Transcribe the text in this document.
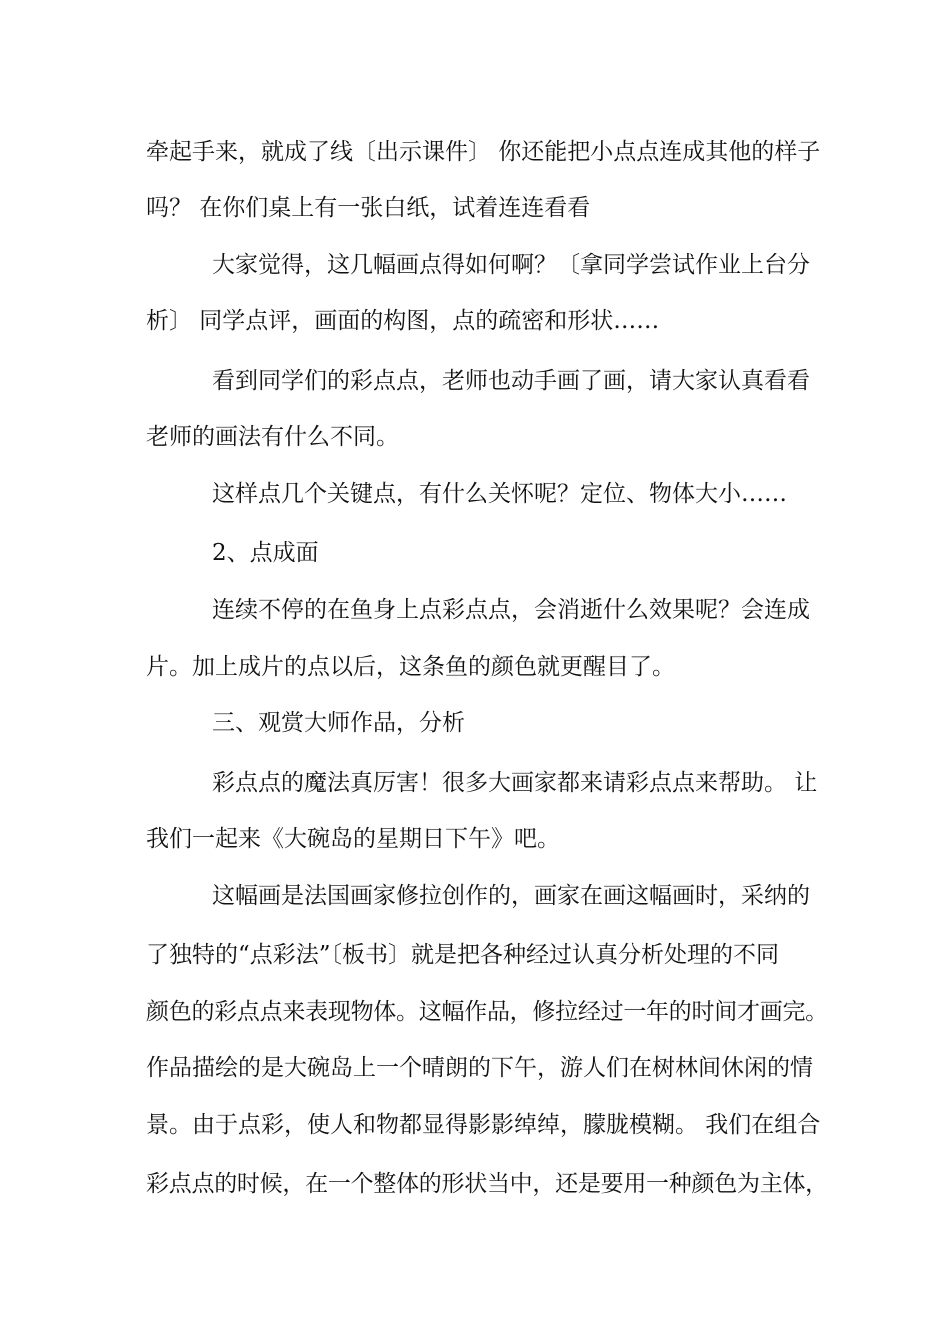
牵起手来，就成了线〔出示课件〕 你还能把小点点连成其他的样子
吗？ 在你们桌上有一张白纸，试着连连看看
大家觉得，这几幅画点得如何啊？〔拿同学尝试作业上台分
析〕 同学点评，画面的构图，点的疏密和形状……
看到同学们的彩点点，老师也动手画了画，请大家认真看看
老师的画法有什么不同。
这样点几个关键点，有什么关怀呢？定位、物体大小……
2、点成面
连续不停的在鱼身上点彩点点，会消逝什么效果呢？会连成
片。加上成片的点以后，这条鱼的颜色就更醒目了。
三、观赏大师作品，分析
彩点点的魔法真厉害！很多大画家都来请彩点点来帮助。 让
我们一起来《大碗岛的星期日下午》吧。
这幅画是法国画家修拉创作的，画家在画这幅画时，采纳的
了独特的“点彩法”〔板书〕就是把各种经过认真分析处理的不同
颜色的彩点点来表现物体。这幅作品，修拉经过一年的时间才画完。
作品描绘的是大碗岛上一个晴朗的下午，游人们在树林间休闲的情
景。由于点彩，使人和物都显得影影绰绰，朦胧模糊。 我们在组合
彩点点的时候，在一个整体的形状当中，还是要用一种颜色为主体，
